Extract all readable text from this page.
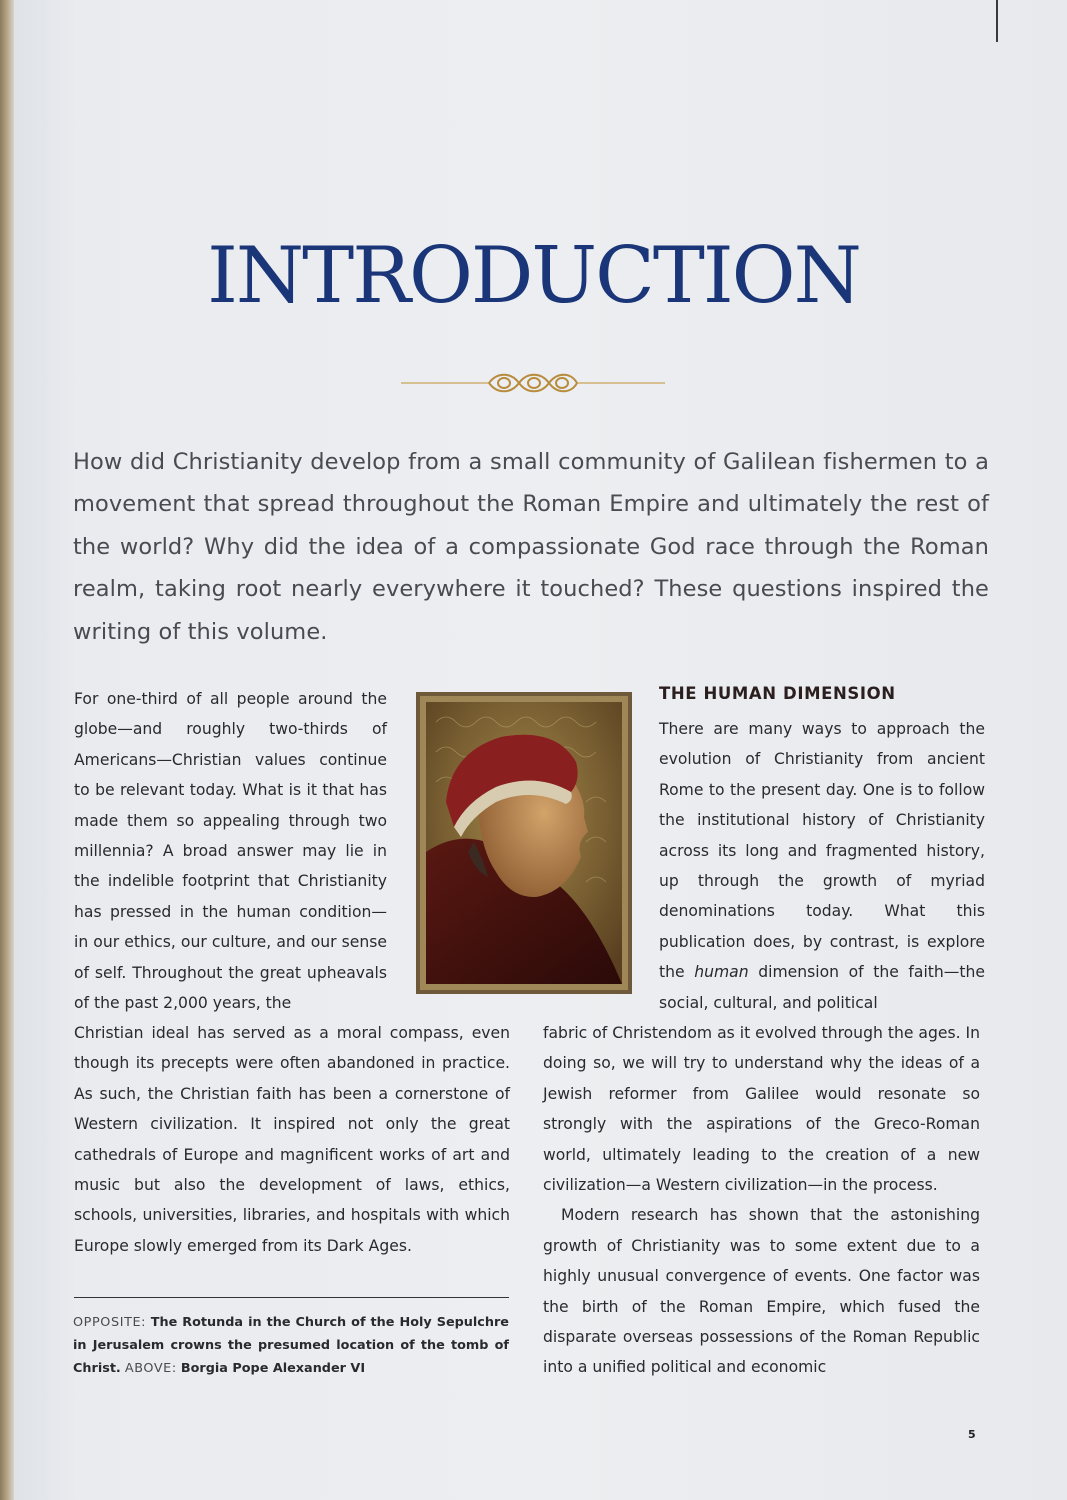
INTRODUCTION

How did Christianity develop from a small community of Galilean fishermen to a movement that spread throughout the Roman Empire and ultimately the rest of the world? Why did the idea of a compassionate God race through the Roman realm, taking root nearly everywhere it touched? These questions inspired the writing of this volume.

For one-third of all people around the globe—and roughly two-thirds of Americans—Christian values continue to be relevant today. What is it that has made them so appealing through two millennia? A broad answer may lie in the indelible footprint that Christianity has pressed in the human condition— in our ethics, our culture, and our sense of self. Throughout the great upheavals of the past 2,000 years, the

THE HUMAN DIMENSION

There are many ways to approach the evolution of Christianity from ancient Rome to the present day. One is to follow the institutional history of Christianity across its long and fragmented history, up through the growth of myriad denominations today. What this publication does, by contrast, is explore the human dimension of the faith—the social, cultural, and political

Christian ideal has served as a moral compass, even though its precepts were often abandoned in practice. As such, the Christian faith has been a cornerstone of Western civilization. It inspired not only the great cathedrals of Europe and magnificent works of art and music but also the development of laws, ethics, schools, universities, libraries, and hospitals with which Europe slowly emerged from its Dark Ages.

fabric of Christendom as it evolved through the ages. In doing so, we will try to understand why the ideas of a Jewish reformer from Galilee would resonate so strongly with the aspirations of the Greco-Roman world, ultimately leading to the creation of a new civilization—a Western civilization—in the process.

Modern research has shown that the astonishing growth of Christianity was to some extent due to a highly unusual convergence of events. One factor was the birth of the Roman Empire, which fused the disparate overseas possessions of the Roman Republic into a unified political and economic

OPPOSITE: The Rotunda in the Church of the Holy Sepulchre in Jerusalem crowns the presumed location of the tomb of Christ. ABOVE: Borgia Pope Alexander VI

5
